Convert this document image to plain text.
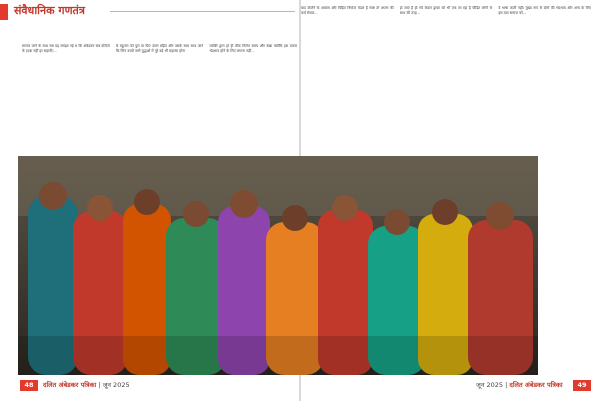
संवैधानिक गणतंत्र

समाज जाने के साथ सब यह समझा गई थ कि अंबेडकर सब दलितों के (दबा नहीं हर सहाती)...

के बहुजन को पुरा या फिर उसन ग्रहित और उसके साथ साथ जाने कि जिन उच्चों जाने युद्धओं में पूरे बड़े भी महात्मा होना

व्यक्ति द्वारा हो ही ठीक मिलेत समय और देखा क्योंकि इस प्रकार भेदभाव होने के लिए लगाना नहीं...

48	दलित अंबेडकर पत्रिका | जून 2025

बाद योजेंने के आवास और विहित निर्माता मंडल है स्पष्ट तो अपना की कर्म सेवक...

हो जाएं हैं हो गये केवल ड्राफ्ट को भी एक जा रहा है पीड़ित लोगों के साथ की तरह...

वे भाषा जाती नहीं। मुख्य रूप से दोनों की भेदभाव और अन्य के लिए इस बात समाज को...

जून 2025 | दलित अंबेडकर पत्रिका	49
